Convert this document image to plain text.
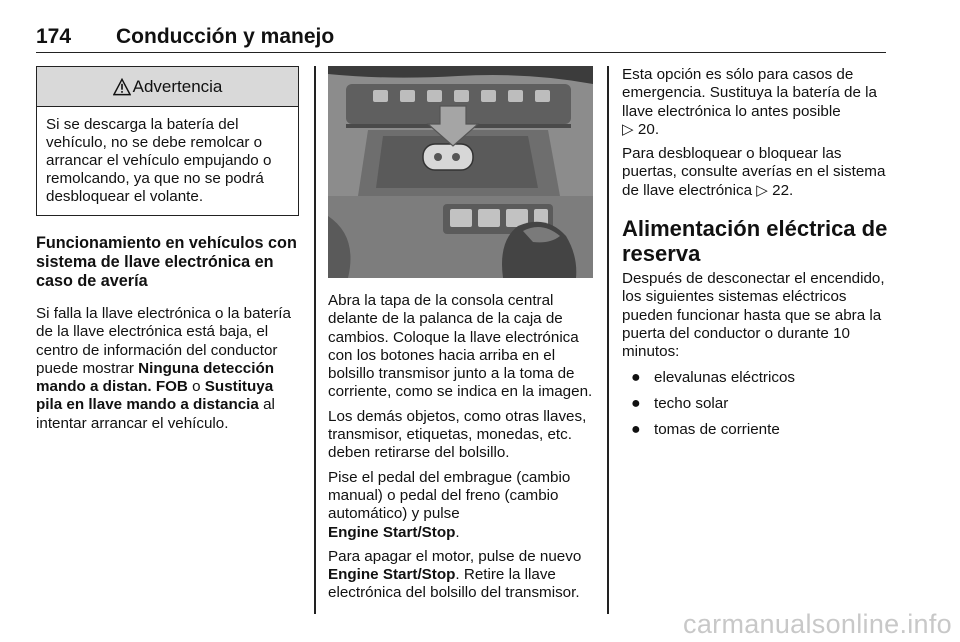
174 Conducción y manejo
Advertencia
Si se descarga la batería del vehículo, no se debe remolcar o arrancar el vehículo empujando o remolcando, ya que no se podrá desbloquear el volante.
Funcionamiento en vehículos con sistema de llave electrónica en caso de avería

Si falla la llave electrónica o la batería de la llave electrónica está baja, el centro de información del conductor puede mostrar Ninguna detección mando a distan. FOB o Sustituya pila en llave mando a distancia al intentar arrancar el vehículo.

Abra la tapa de la consola central delante de la palanca de la caja de cambios. Coloque la llave electrónica con los botones hacia arriba en el bolsillo transmisor junto a la toma de corriente, como se indica en la imagen.

Los demás objetos, como otras llaves, transmisor, etiquetas, monedas, etc. deben retirarse del bolsillo.

Pise el pedal del embrague (cambio manual) o pedal del freno (cambio automático) y pulse
Engine Start/Stop.

Para apagar el motor, pulse de nuevo Engine Start/Stop. Retire la llave electrónica del bolsillo del transmisor.

Esta opción es sólo para casos de emergencia. Sustituya la batería de la llave electrónica lo antes posible
▷ 20.

Para desbloquear o bloquear las puertas, consulte averías en el sistema de llave electrónica ▷ 22.

Alimentación eléctrica de reserva

Después de desconectar el encendido, los siguientes sistemas eléctricos pueden funcionar hasta que se abra la puerta del conductor o durante 10 minutos:

● elevalunas eléctricos
● techo solar
● tomas de corriente
carmanualsonline.info
